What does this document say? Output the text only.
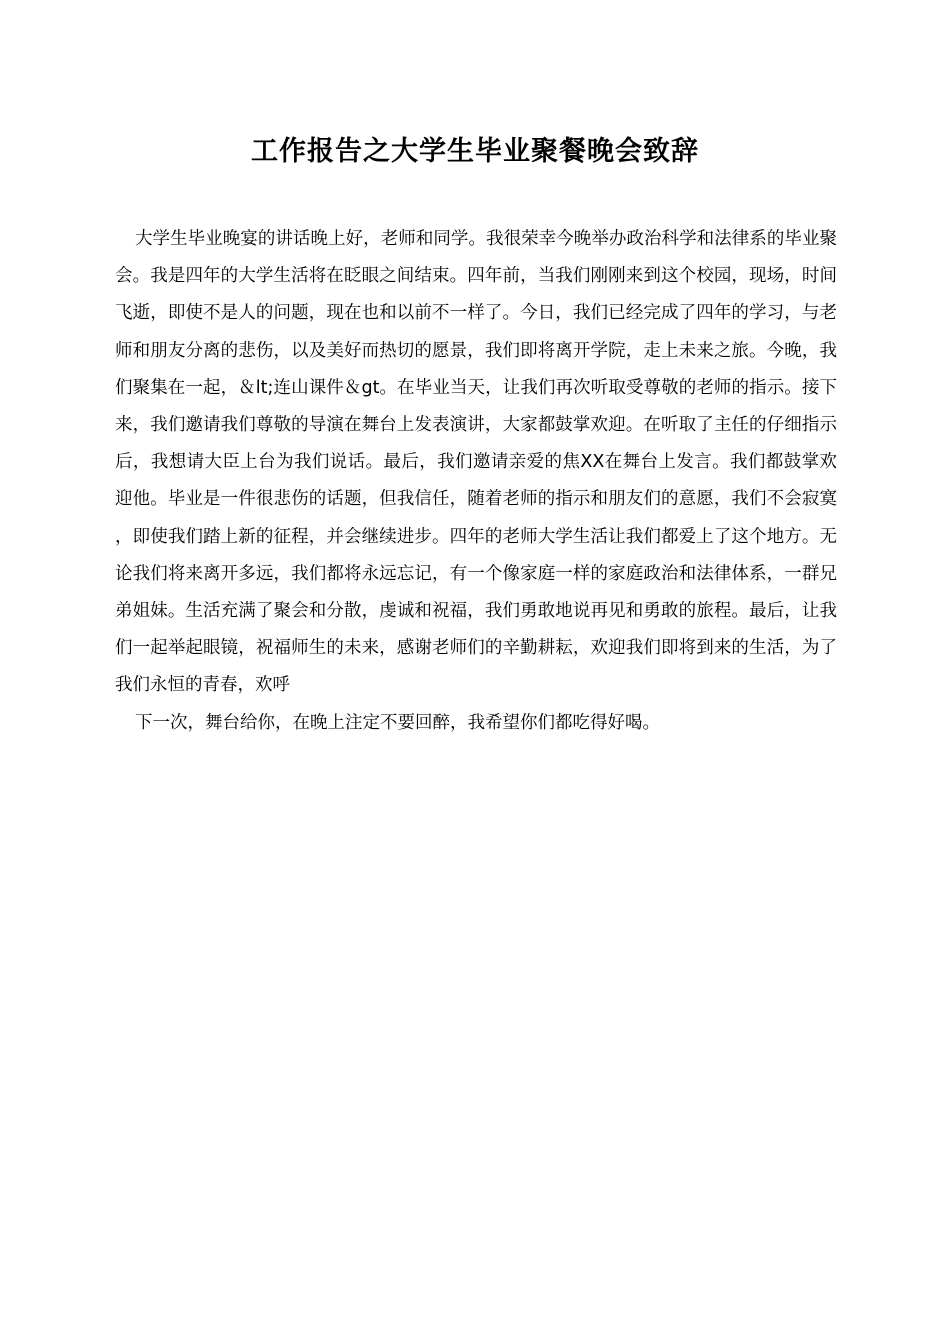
工作报告之大学生毕业聚餐晚会致辞

大学生毕业晚宴的讲话晚上好，老师和同学。我很荣幸今晚举办政治科学和法律系的毕业聚会。我是四年的大学生活将在眨眼之间结束。四年前，当我们刚刚来到这个校园，现场，时间飞逝，即使不是人的问题，现在也和以前不一样了。今日，我们已经完成了四年的学习，与老师和朋友分离的悲伤，以及美好而热切的愿景，我们即将离开学院，走上未来之旅。今晚，我们聚集在一起，＆lt;连山课件＆gt。在毕业当天，让我们再次听取受尊敬的老师的指示。接下来，我们邀请我们尊敬的导演在舞台上发表演讲，大家都鼓掌欢迎。在听取了主任的仔细指示后，我想请大臣上台为我们说话。最后，我们邀请亲爱的焦XX在舞台上发言。我们都鼓掌欢迎他。毕业是一件很悲伤的话题，但我信任，随着老师的指示和朋友们的意愿，我们不会寂寞，即使我们踏上新的征程，并会继续进步。四年的老师大学生活让我们都爱上了这个地方。无论我们将来离开多远，我们都将永远忘记，有一个像家庭一样的家庭政治和法律体系，一群兄弟姐妹。生活充满了聚会和分散，虔诚和祝福，我们勇敢地说再见和勇敢的旅程。最后，让我们一起举起眼镜，祝福师生的未来，感谢老师们的辛勤耕耘，欢迎我们即将到来的生活，为了我们永恒的青春，欢呼

下一次，舞台给你，在晚上注定不要回醉，我希望你们都吃得好喝。
